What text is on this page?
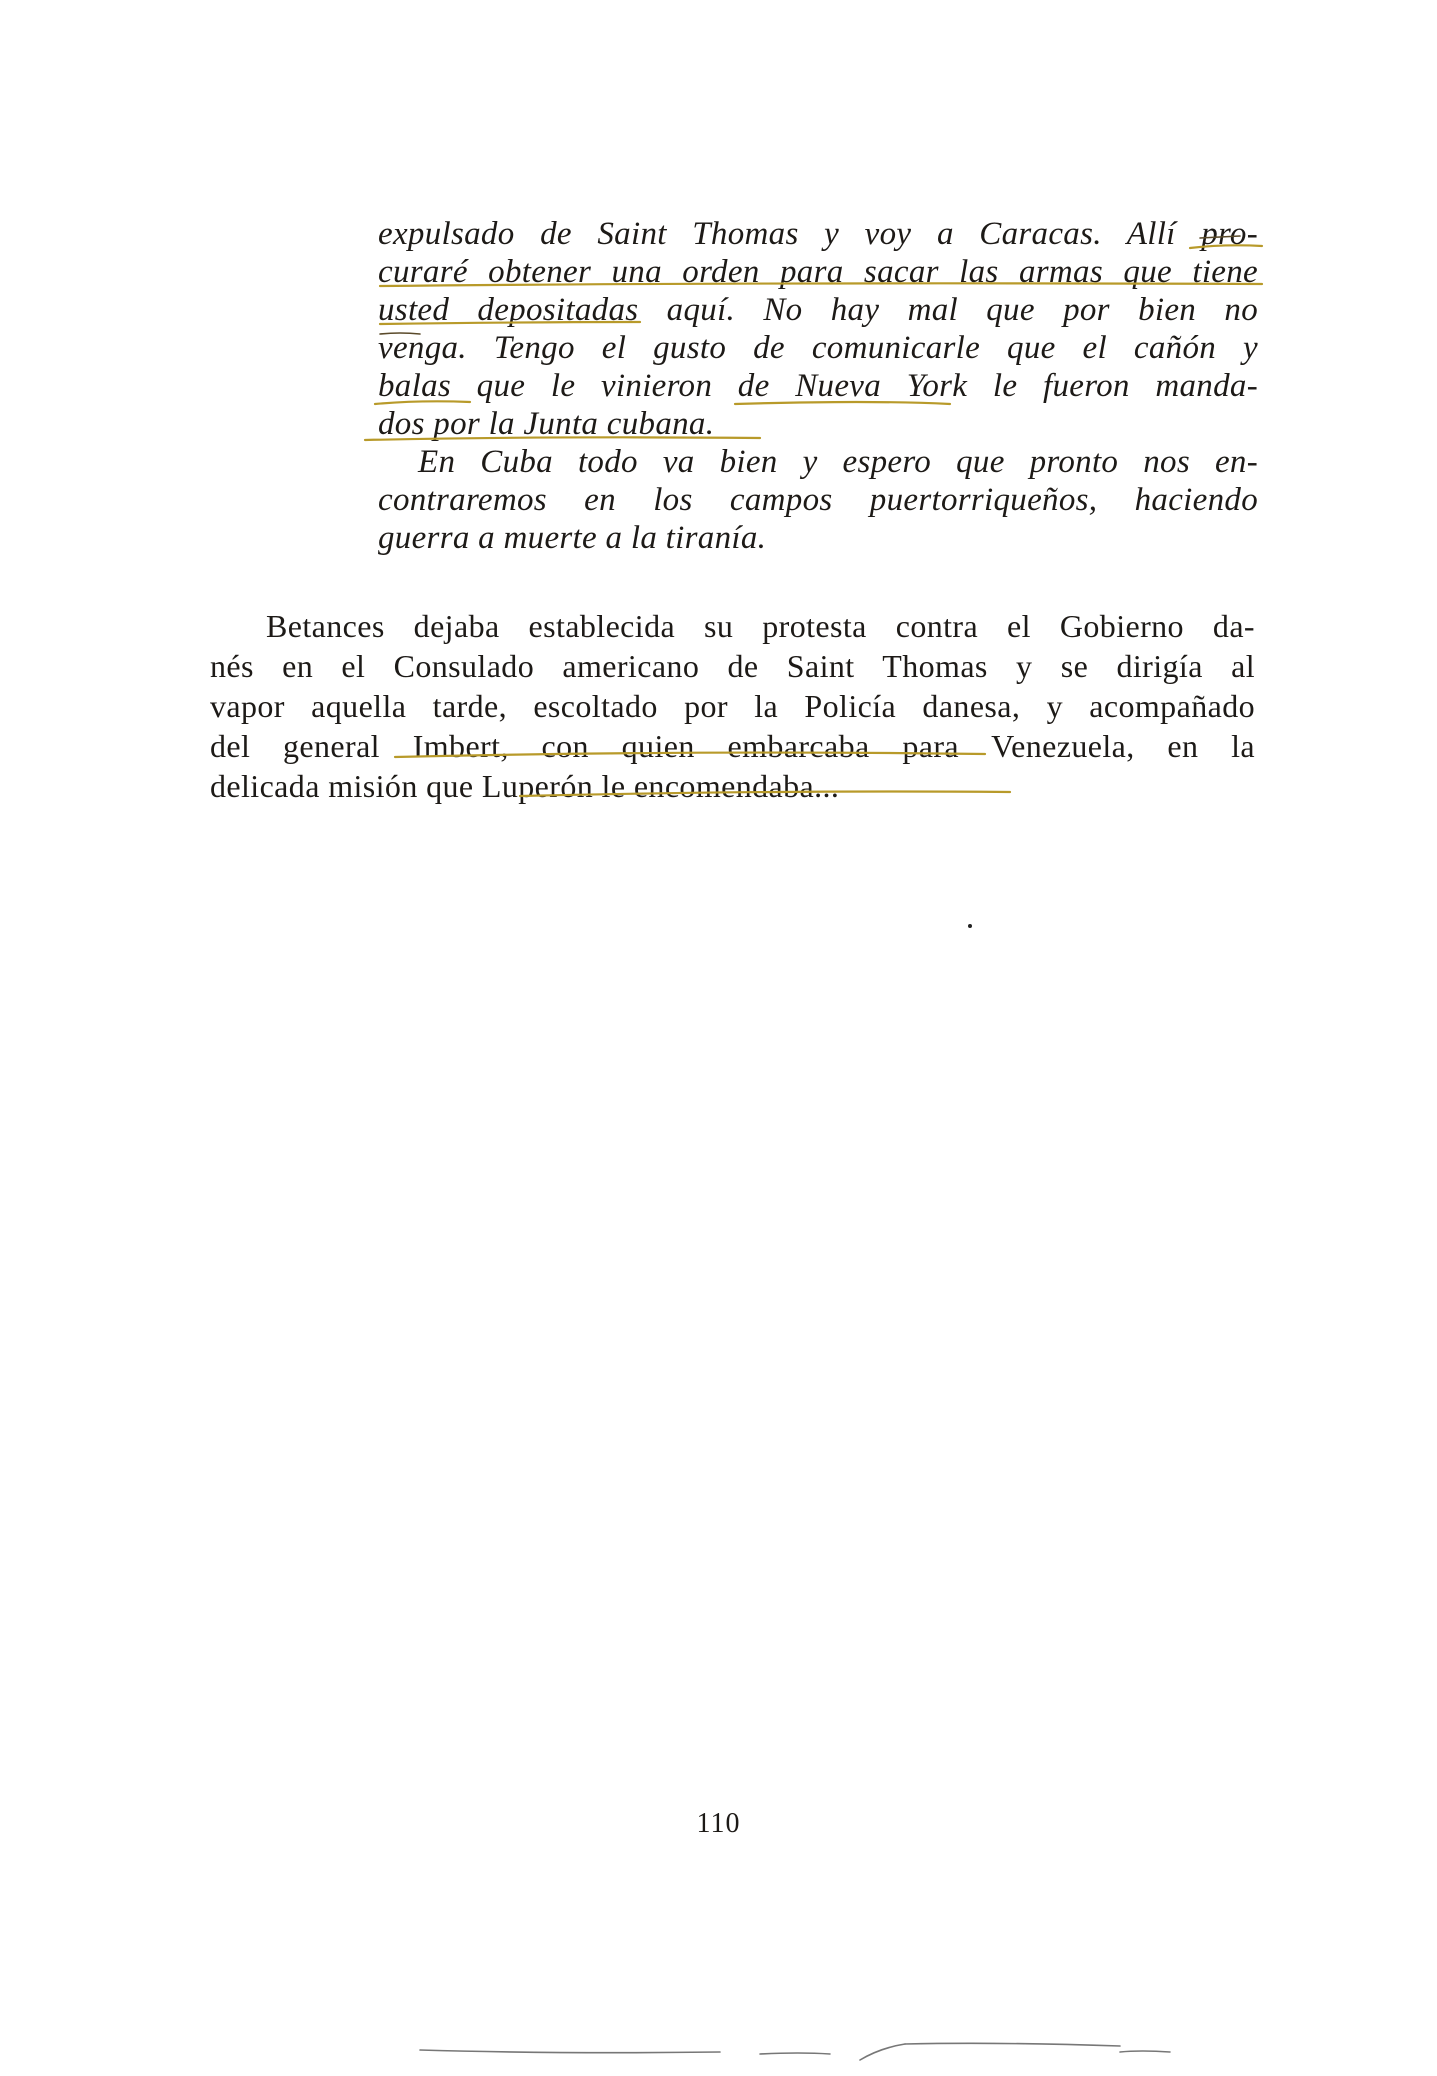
expulsado de Saint Thomas y voy a Caracas. Allí pro-
curaré obtener una orden para sacar las armas que tiene
usted depositadas aquí. No hay mal que por bien no
venga. Tengo el gusto de comunicarle que el cañón y
balas que le vinieron de Nueva York le fueron manda-
dos por la Junta cubana.
En Cuba todo va bien y espero que pronto nos en-
contraremos en los campos puertorriqueños, haciendo
guerra a muerte a la tiranía.
Betances dejaba establecida su protesta contra el Gobierno da-
nés en el Consulado americano de Saint Thomas y se dirigía al
vapor aquella tarde, escoltado por la Policía danesa, y acompañado
del general Imbert, con quien embarcaba para Venezuela, en la
delicada misión que Luperón le encomendaba...
110
